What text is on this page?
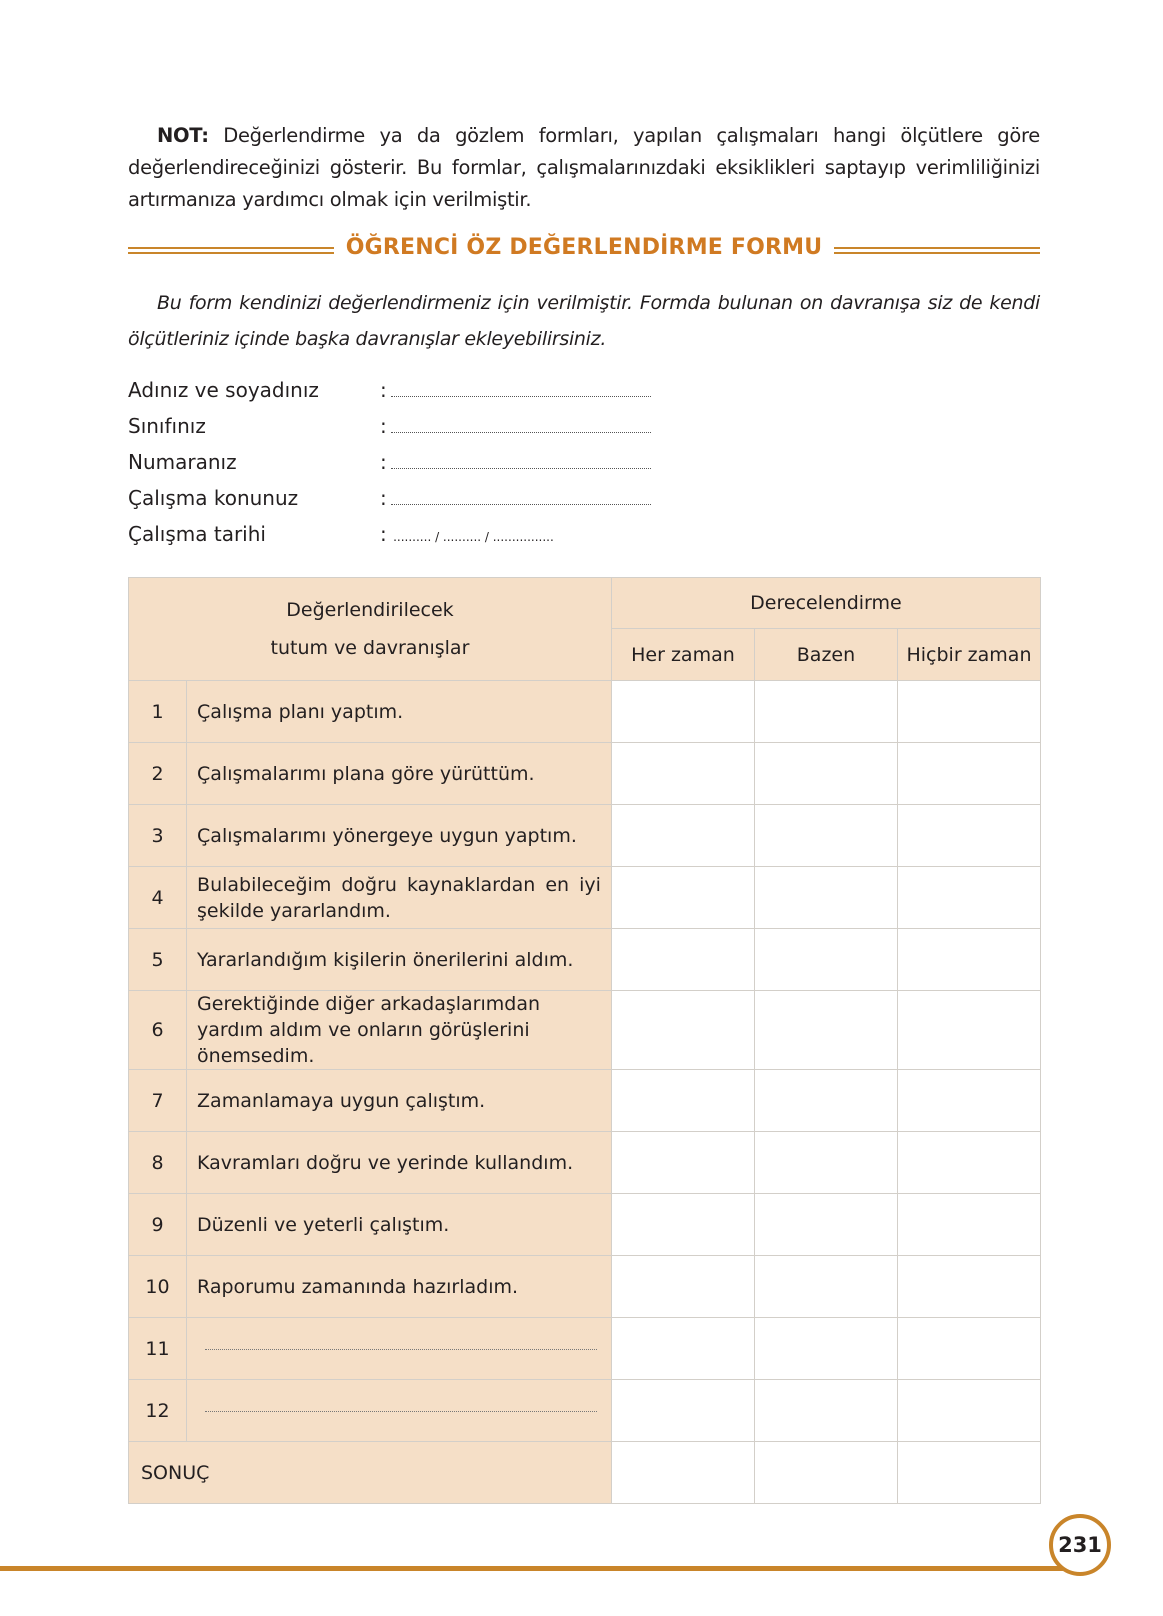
NOT: Değerlendirme ya da gözlem formları, yapılan çalışmaları hangi ölçütlere göre değerlendireceğinizi gösterir. Bu formlar, çalışmalarınızdaki eksiklikleri saptayıp verimliliğinizi artırmanıza yardımcı olmak için verilmiştir.

ÖĞRENCİ ÖZ DEĞERLENDİRME FORMU

Bu form kendinizi değerlendirmeniz için verilmiştir. Formda bulunan on davranışa siz de kendi ölçütleriniz içinde başka davranışlar ekleyebilirsiniz.

Adınız ve soyadınız	:
Sınıfınız	:
Numaranız	:
Çalışma konunuz	:
Çalışma tarihi	: .......... / .......... / ................
Değerlendirilecek
tutum ve davranışlar		Derecelendirme		
		Her zaman	Bazen	Hiçbir zaman
1	Çalışma planı yaptım.			
2	Çalışmalarımı plana göre yürüttüm.			
3	Çalışmalarımı yönergeye uygun yaptım.			
4	Bulabileceğim doğru kaynaklardan en iyi şekilde yararlandım.			
5	Yararlandığım kişilerin önerilerini aldım.			
6	Gerektiğinde diğer arkadaşlarımdan yardım aldım ve onların görüşlerini önemsedim.			
7	Zamanlamaya uygun çalıştım.			
8	Kavramları doğru ve yerinde kullandım.			
9	Düzenli ve yeterli çalıştım.			
10	Raporumu zamanında hazırladım.			
11	

12	

SONUÇ				
231
